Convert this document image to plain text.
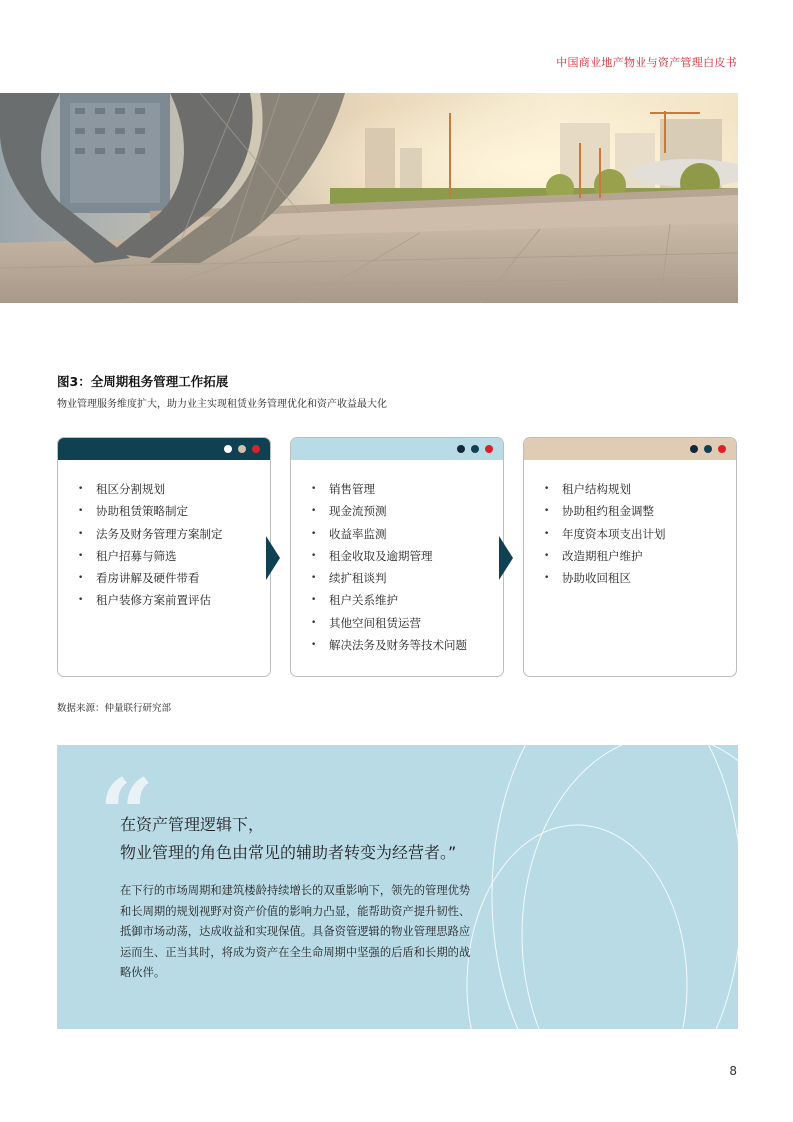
中国商业地产物业与资产管理白皮书
图3：全周期租务管理工作拓展
物业管理服务维度扩大，助力业主实现租赁业务管理优化和资产收益最大化
• 租区分割规划
• 协助租赁策略制定
• 法务及财务管理方案制定
• 租户招募与筛选
• 看房讲解及硬件带看
• 租户装修方案前置评估
• 销售管理
• 现金流预测
• 收益率监测
• 租金收取及逾期管理
• 续扩租谈判
• 租户关系维护
• 其他空间租赁运营
• 解决法务及财务等技术问题
• 租户结构规划
• 协助租约租金调整
• 年度资本项支出计划
• 改造期租户维护
• 协助收回租区
数据来源：仲量联行研究部
“
在资产管理逻辑下，
物业管理的角色由常见的辅助者转变为经营者。”
在下行的市场周期和建筑楼龄持续增长的双重影响下，领先的管理优势和长周期的规划视野对资产价值的影响力凸显，能帮助资产提升韧性、抵御市场动荡，达成收益和实现保值。具备资管逻辑的物业管理思路应运而生、正当其时，将成为资产在全生命周期中坚强的后盾和长期的战略伙伴。
8
